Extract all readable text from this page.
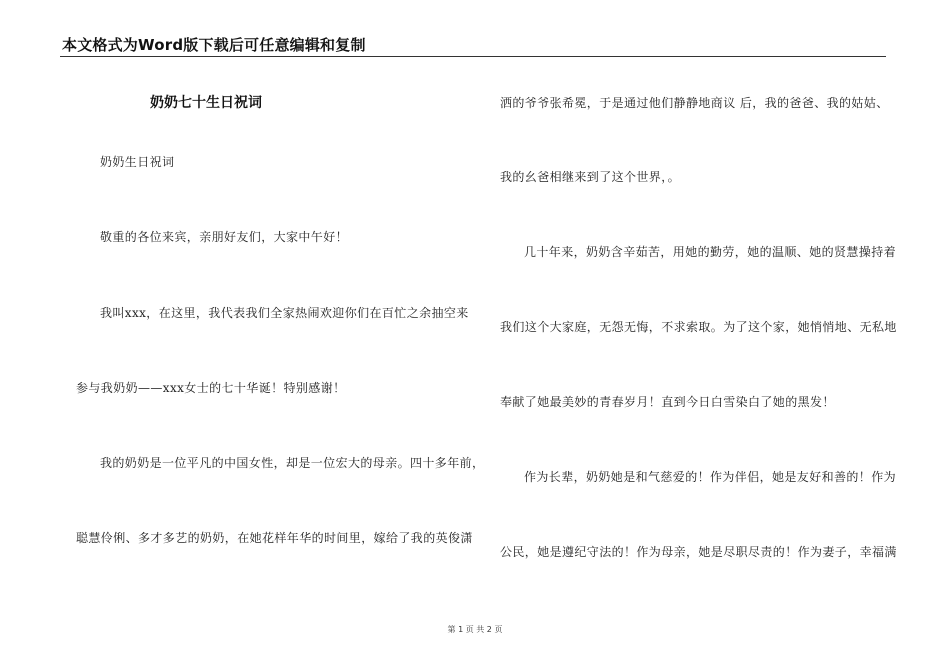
本文格式为Word版下载后可任意编辑和复制
奶奶七十生日祝词
奶奶生日祝词
敬重的各位来宾，亲朋好友们，大家中午好！
我叫xxx，在这里，我代表我们全家热闹欢迎你们在百忙之余抽空来
参与我奶奶——xxx女士的七十华诞！特别感谢！
我的奶奶是一位平凡的中国女性，却是一位宏大的母亲。四十多年前，
聪慧伶俐、多才多艺的奶奶，在她花样年华的时间里，嫁给了我的英俊潇
洒的爷爷张希冕，于是通过他们静静地商议 后，我的爸爸、我的姑姑、
我的幺爸相继来到了这个世界，。
几十年来，奶奶含辛茹苦，用她的勤劳，她的温顺、她的贤慧操持着
我们这个大家庭，无怨无悔，不求索取。为了这个家，她悄悄地、无私地
奉献了她最美妙的青春岁月！直到今日白雪染白了她的黑发！
作为长辈，奶奶她是和气慈爱的！作为伴侣，她是友好和善的！作为
公民，她是遵纪守法的！作为母亲，她是尽职尽责的！作为妻子，幸福满
第 1 页 共 2 页
